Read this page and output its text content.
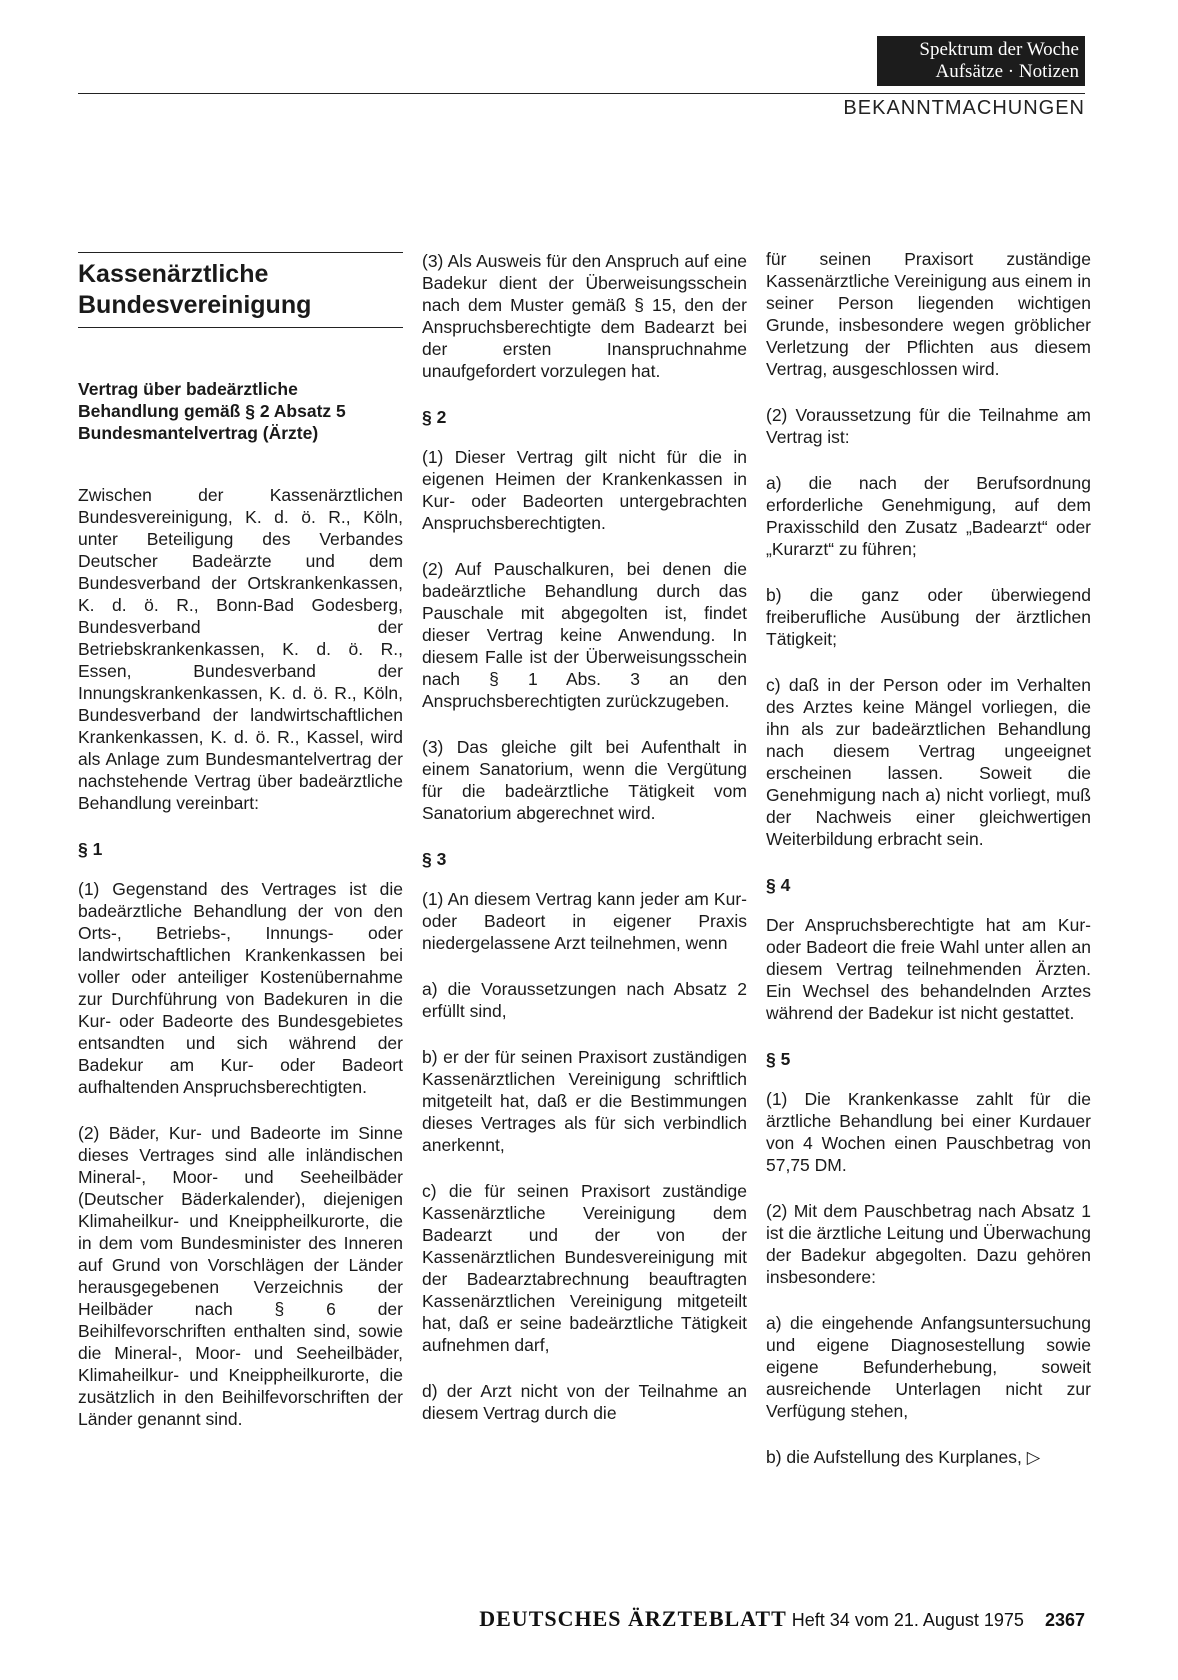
Spektrum der Woche
Aufsätze · Notizen
BEKANNTMACHUNGEN
Kassenärztliche
Bundesvereinigung
Vertrag über badeärztliche Behandlung gemäß § 2 Absatz 5 Bundesmantelvertrag (Ärzte)
Zwischen der Kassenärztlichen Bundesvereinigung, K. d. ö. R., Köln, unter Beteiligung des Verbandes Deutscher Badeärzte und dem Bundesverband der Ortskrankenkassen, K. d. ö. R., Bonn-Bad Godesberg, Bundesverband der Betriebskrankenkassen, K. d. ö. R., Essen, Bundesverband der Innungskrankenkassen, K. d. ö. R., Köln, Bundesverband der landwirtschaftlichen Krankenkassen, K. d. ö. R., Kassel, wird als Anlage zum Bundesmantelvertrag der nachstehende Vertrag über badeärztliche Behandlung vereinbart:
§ 1
(1) Gegenstand des Vertrages ist die badeärztliche Behandlung der von den Orts-, Betriebs-, Innungs- oder landwirtschaftlichen Krankenkassen bei voller oder anteiliger Kostenübernahme zur Durchführung von Badekuren in die Kur- oder Badeorte des Bundesgebietes entsandten und sich während der Badekur am Kur- oder Badeort aufhaltenden Anspruchsberechtigten.
(2) Bäder, Kur- und Badeorte im Sinne dieses Vertrages sind alle inländischen Mineral-, Moor- und Seeheilbäder (Deutscher Bäderkalender), diejenigen Klimaheilkur- und Kneippheilkurorte, die in dem vom Bundesminister des Inneren auf Grund von Vorschlägen der Länder herausgegebenen Verzeichnis der Heilbäder nach § 6 der Beihilfevorschriften enthalten sind, sowie die Mineral-, Moor- und Seeheilbäder, Klimaheilkur- und Kneippheilkurorte, die zusätzlich in den Beihilfevorschriften der Länder genannt sind.
(3) Als Ausweis für den Anspruch auf eine Badekur dient der Überweisungsschein nach dem Muster gemäß § 15, den der Anspruchsberechtigte dem Badearzt bei der ersten Inanspruchnahme unaufgefordert vorzulegen hat.
§ 2
(1) Dieser Vertrag gilt nicht für die in eigenen Heimen der Krankenkassen in Kur- oder Badeorten untergebrachten Anspruchsberechtigten.
(2) Auf Pauschalkuren, bei denen die badeärztliche Behandlung durch das Pauschale mit abgegolten ist, findet dieser Vertrag keine Anwendung. In diesem Falle ist der Überweisungsschein nach § 1 Abs. 3 an den Anspruchsberechtigten zurückzugeben.
(3) Das gleiche gilt bei Aufenthalt in einem Sanatorium, wenn die Vergütung für die badeärztliche Tätigkeit vom Sanatorium abgerechnet wird.
§ 3
(1) An diesem Vertrag kann jeder am Kur- oder Badeort in eigener Praxis niedergelassene Arzt teilnehmen, wenn
a) die Voraussetzungen nach Absatz 2 erfüllt sind,
b) er der für seinen Praxisort zuständigen Kassenärztlichen Vereinigung schriftlich mitgeteilt hat, daß er die Bestimmungen dieses Vertrages als für sich verbindlich anerkennt,
c) die für seinen Praxisort zuständige Kassenärztliche Vereinigung dem Badearzt und der von der Kassenärztlichen Bundesvereinigung mit der Badearztabrechnung beauftragten Kassenärztlichen Vereinigung mitgeteilt hat, daß er seine badeärztliche Tätigkeit aufnehmen darf,
d) der Arzt nicht von der Teilnahme an diesem Vertrag durch die
für seinen Praxisort zuständige Kassenärztliche Vereinigung aus einem in seiner Person liegenden wichtigen Grunde, insbesondere wegen gröblicher Verletzung der Pflichten aus diesem Vertrag, ausgeschlossen wird.
(2) Voraussetzung für die Teilnahme am Vertrag ist:
a) die nach der Berufsordnung erforderliche Genehmigung, auf dem Praxisschild den Zusatz „Badearzt“ oder „Kurarzt“ zu führen;
b) die ganz oder überwiegend freiberufliche Ausübung der ärztlichen Tätigkeit;
c) daß in der Person oder im Verhalten des Arztes keine Mängel vorliegen, die ihn als zur badeärztlichen Behandlung nach diesem Vertrag ungeeignet erscheinen lassen. Soweit die Genehmigung nach a) nicht vorliegt, muß der Nachweis einer gleichwertigen Weiterbildung erbracht sein.
§ 4
Der Anspruchsberechtigte hat am Kur- oder Badeort die freie Wahl unter allen an diesem Vertrag teilnehmenden Ärzten. Ein Wechsel des behandelnden Arztes während der Badekur ist nicht gestattet.
§ 5
(1) Die Krankenkasse zahlt für die ärztliche Behandlung bei einer Kurdauer von 4 Wochen einen Pauschbetrag von 57,75 DM.
(2) Mit dem Pauschbetrag nach Absatz 1 ist die ärztliche Leitung und Überwachung der Badekur abgegolten. Dazu gehören insbesondere:
a) die eingehende Anfangsuntersuchung und eigene Diagnosestellung sowie eigene Befunderhebung, soweit ausreichende Unterlagen nicht zur Verfügung stehen,
b) die Aufstellung des Kurplanes, ▷
DEUTSCHES ÄRZTEBLATT Heft 34 vom 21. August 1975 2367
